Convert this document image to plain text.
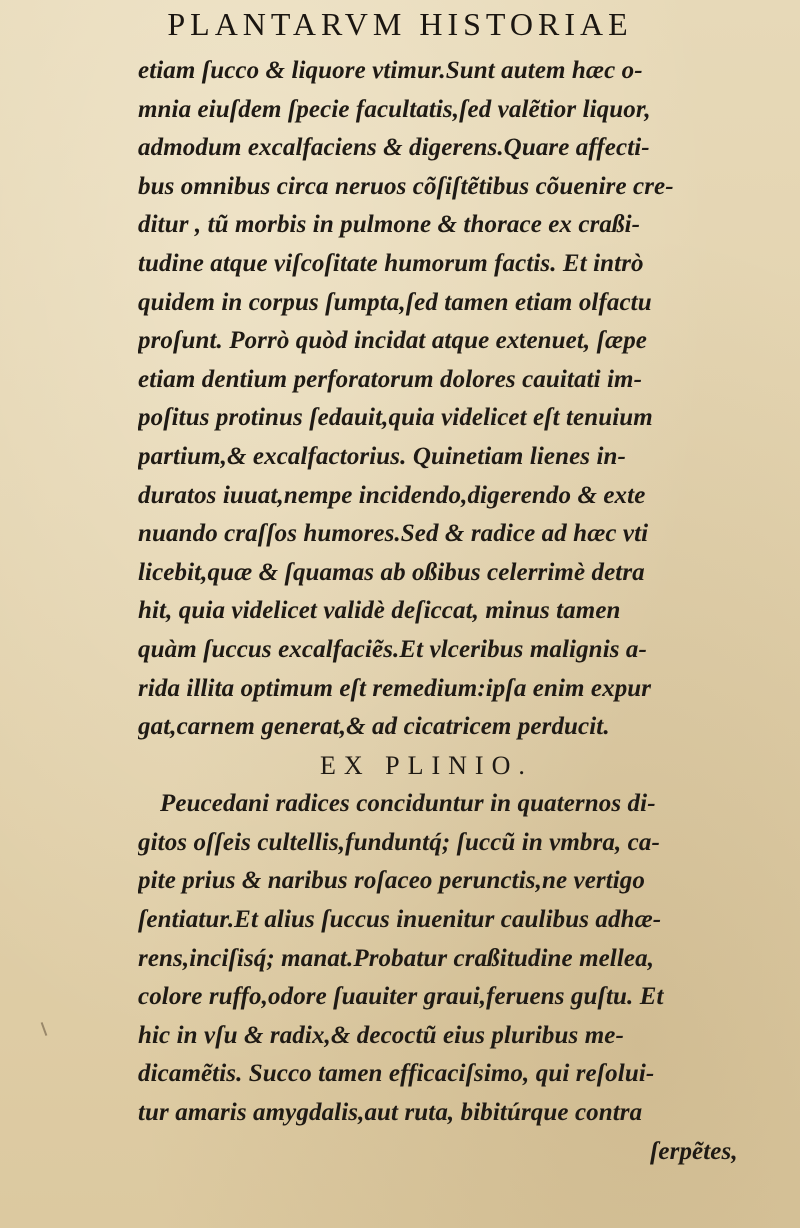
PLANTARVM HISTORIAE
etiam ſucco & liquore vtimur.Sunt autem hæc o-
mnia eiuſdem ſpecie facultatis,ſed valẽtior liquor,
admodum excalfaciens & digerens.Quare affecti-
bus omnibus circa neruos cõſiſtẽtibus cõuenire cre-
ditur , tũ morbis in pulmone & thorace ex craßi-
tudine atque viſcoſitate humorum factis. Et intrò
quidem in corpus ſumpta,ſed tamen etiam olfactu
proſunt. Porrò quòd incidat atque extenuet, ſæpe
etiam dentium perforatorum dolores cauitati im-
poſitus protinus ſedauit,quia videlicet eſt tenuium
partium,& excalfactorius. Quinetiam lienes in-
duratos iuuat,nempe incidendo,digerendo & exte
nuando craſſos humores.Sed & radice ad hæc vti
licebit,quæ & ſquamas ab oßibus celerrimè detra
hit, quia videlicet validè deſiccat, minus tamen
quàm ſuccus excalfaciẽs.Et vlceribus malignis a-
rida illita optimum eſt remedium:ipſa enim expur
gat,carnem generat,& ad cicatricem perducit.
EX PLINIO.
Peucedani radices conciduntur in quaternos di-
gitos oſſeis cultellis,funduntq́; ſuccũ in vmbra, ca-
pite prius & naribus roſaceo perunctis,ne vertigo
ſentiatur.Et alius ſuccus inuenitur caulibus adhæ-
rens,inciſisq́; manat.Probatur craßitudine mellea,
colore ruffo,odore ſuauiter graui,feruens guſtu. Et
hic in vſu & radix,& decoctũ eius pluribus me-
dicamẽtis. Succo tamen efficaciſsimo, qui reſolui-
tur amaris amygdalis,aut ruta, bibitúrque contra
ſerpẽtes,
